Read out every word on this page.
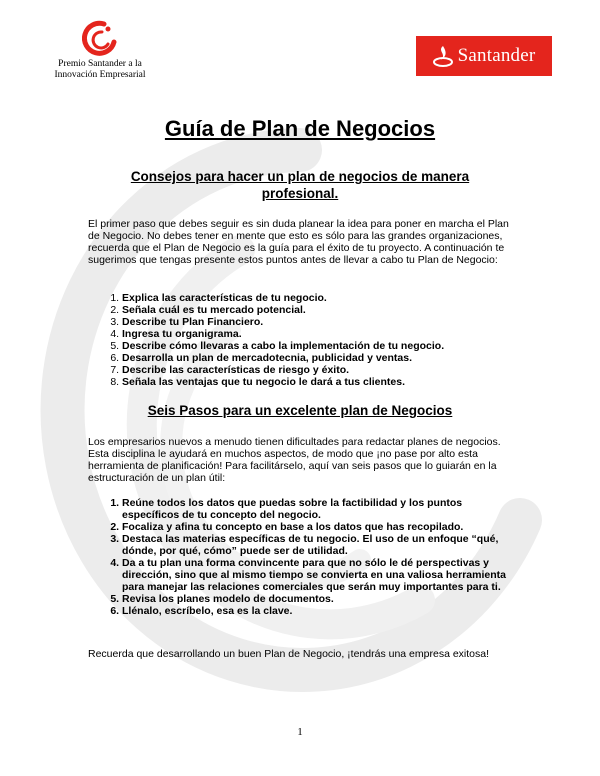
Premio Santander a la
Innovación Empresarial
Santander
Guía de Plan de Negocios
Consejos para hacer un plan de negocios de manera profesional.
El primer paso que debes seguir es sin duda planear la idea para poner en marcha el Plan de Negocio. No debes tener en mente que esto es sólo para las grandes organizaciones, recuerda que el Plan de Negocio es la guía para el éxito de tu proyecto. A continuación te sugerimos que tengas presente estos puntos antes de llevar a cabo tu Plan de Negocio:
1. Explica las características de tu negocio.
2. Señala cuál es tu mercado potencial.
3. Describe tu Plan Financiero.
4. Ingresa tu organigrama.
5. Describe cómo llevaras a cabo la implementación de tu negocio.
6. Desarrolla un plan de mercadotecnia, publicidad y ventas.
7. Describe las características de riesgo y éxito.
8. Señala las ventajas que tu negocio le dará a tus clientes.
Seis Pasos para un excelente plan de Negocios
Los empresarios nuevos a menudo tienen dificultades para redactar planes de negocios. Esta disciplina le ayudará en muchos aspectos, de modo que ¡no pase por alto esta herramienta de planificación! Para facilitárselo, aquí van seis pasos que lo guiarán en la estructuración de un plan útil:
1. Reúne todos los datos que puedas sobre la factibilidad y los puntos específicos de tu concepto del negocio.
2. Focaliza y afina tu concepto en base a los datos que has recopilado.
3. Destaca las materias específicas de tu negocio. El uso de un enfoque “qué, dónde, por qué, cómo” puede ser de utilidad.
4. Da a tu plan una forma convincente para que no sólo le dé perspectivas y dirección, sino que al mismo tiempo se convierta en una valiosa herramienta para manejar las relaciones comerciales que serán muy importantes para ti.
5. Revisa los planes modelo de documentos.
6. Llénalo, escríbelo, esa es la clave.
Recuerda que desarrollando un buen Plan de Negocio, ¡tendrás una empresa exitosa!
1
